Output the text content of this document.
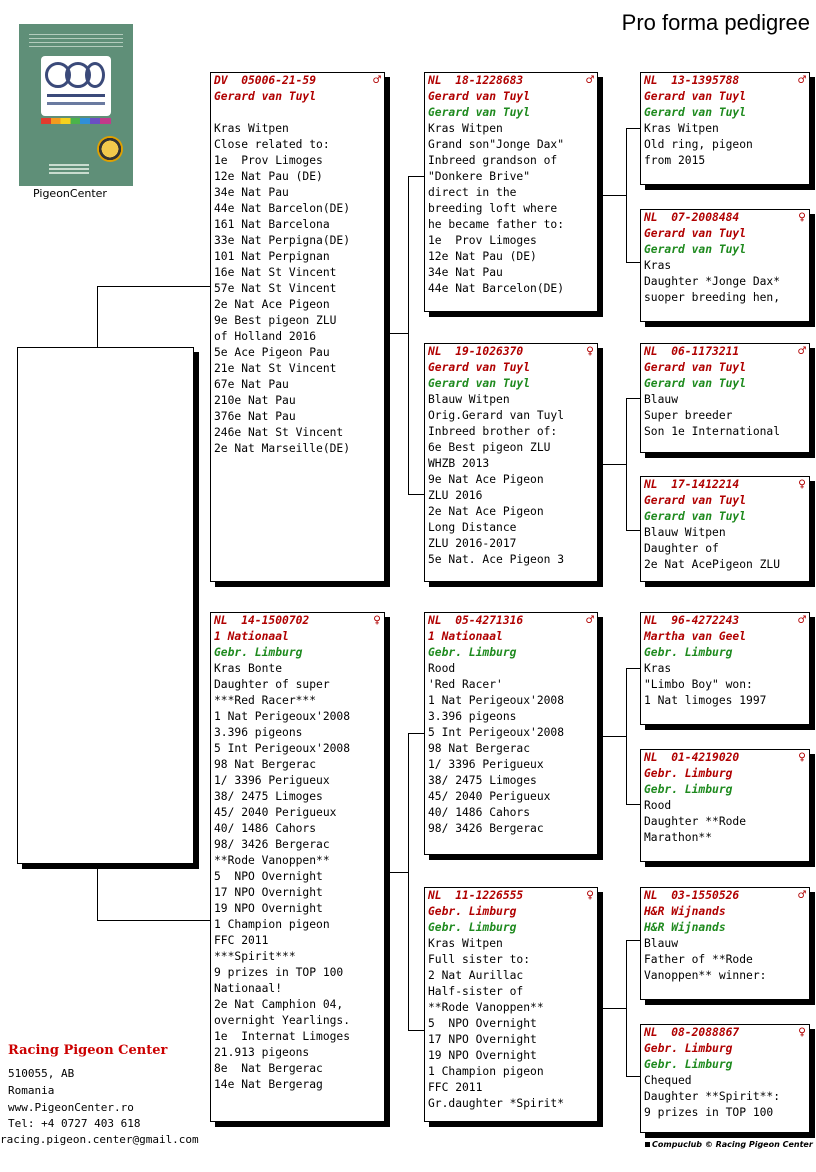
Pro forma pedigree
PigeonCenter
DV  05006-21-59	♂
Gerard van Tuyl

Kras Witpen
Close related to:
1e  Prov Limoges
12e Nat Pau (DE)
34e Nat Pau
44e Nat Barcelon(DE)
161 Nat Barcelona
33e Nat Perpigna(DE)
101 Nat Perpignan
16e Nat St Vincent
57e Nat St Vincent
2e Nat Ace Pigeon
9e Best pigeon ZLU
of Holland 2016
5e Ace Pigeon Pau
21e Nat St Vincent
67e Nat Pau
210e Nat Pau
376e Nat Pau
246e Nat St Vincent
2e Nat Marseille(DE)
NL  14-1500702	♀
1 Nationaal
Gebr. Limburg
Kras Bonte
Daughter of super
***Red Racer***
1 Nat Perigeoux'2008
3.396 pigeons
5 Int Perigeoux'2008
98 Nat Bergerac
1/ 3396 Perigueux
38/ 2475 Limoges
45/ 2040 Perigueux
40/ 1486 Cahors
98/ 3426 Bergerac
**Rode Vanoppen**
5  NPO Overnight
17 NPO Overnight
19 NPO Overnight
1 Champion pigeon
FFC 2011
***Spirit***
9 prizes in TOP 100
Nationaal!
2e Nat Camphion 04,
overnight Yearlings.
1e  Internat Limoges
21.913 pigeons
8e  Nat Bergerac
14e Nat Bergerag
NL  18-1228683	♂
Gerard van Tuyl
Gerard van Tuyl
Kras Witpen
Grand son"Jonge Dax"
Inbreed grandson of
"Donkere Brive"
direct in the
breeding loft where
he became father to:
1e  Prov Limoges
12e Nat Pau (DE)
34e Nat Pau
44e Nat Barcelon(DE)
NL  19-1026370	♀
Gerard van Tuyl
Gerard van Tuyl
Blauw Witpen
Orig.Gerard van Tuyl
Inbreed brother of:
6e Best pigeon ZLU
WHZB 2013
9e Nat Ace Pigeon
ZLU 2016
2e Nat Ace Pigeon
Long Distance
ZLU 2016-2017
5e Nat. Ace Pigeon 3
NL  05-4271316	♂
1 Nationaal
Gebr. Limburg
Rood
'Red Racer'
1 Nat Perigeoux'2008
3.396 pigeons
5 Int Perigeoux'2008
98 Nat Bergerac
1/ 3396 Perigueux
38/ 2475 Limoges
45/ 2040 Perigueux
40/ 1486 Cahors
98/ 3426 Bergerac
NL  11-1226555	♀
Gebr. Limburg
Gebr. Limburg
Kras Witpen
Full sister to:
2 Nat Aurillac
Half-sister of
**Rode Vanoppen**
5  NPO Overnight
17 NPO Overnight
19 NPO Overnight
1 Champion pigeon
FFC 2011
Gr.daughter *Spirit*
NL  13-1395788	♂
Gerard van Tuyl
Gerard van Tuyl
Kras Witpen
Old ring, pigeon
from 2015
NL  07-2008484	♀
Gerard van Tuyl
Gerard van Tuyl
Kras
Daughter *Jonge Dax*
suoper breeding hen,
NL  06-1173211	♂
Gerard van Tuyl
Gerard van Tuyl
Blauw
Super breeder
Son 1e International
NL  17-1412214	♀
Gerard van Tuyl
Gerard van Tuyl
Blauw Witpen
Daughter of
2e Nat AcePigeon ZLU
NL  96-4272243	♂
Martha van Geel
Gebr. Limburg
Kras
"Limbo Boy" won:
1 Nat limoges 1997
NL  01-4219020	♀
Gebr. Limburg
Gebr. Limburg
Rood
Daughter **Rode
Marathon**
NL  03-1550526	♂
H&R Wijnands
H&R Wijnands
Blauw
Father of **Rode
Vanoppen** winner:
NL  08-2088867	♀
Gebr. Limburg
Gebr. Limburg
Chequed
Daughter **Spirit**:
9 prizes in TOP 100
Racing Pigeon Center
510055, AB
Romania
www.PigeonCenter.ro
Tel: +4 0727 403 618
racing.pigeon.center@gmail.com	Compuclub © Racing Pigeon Center
